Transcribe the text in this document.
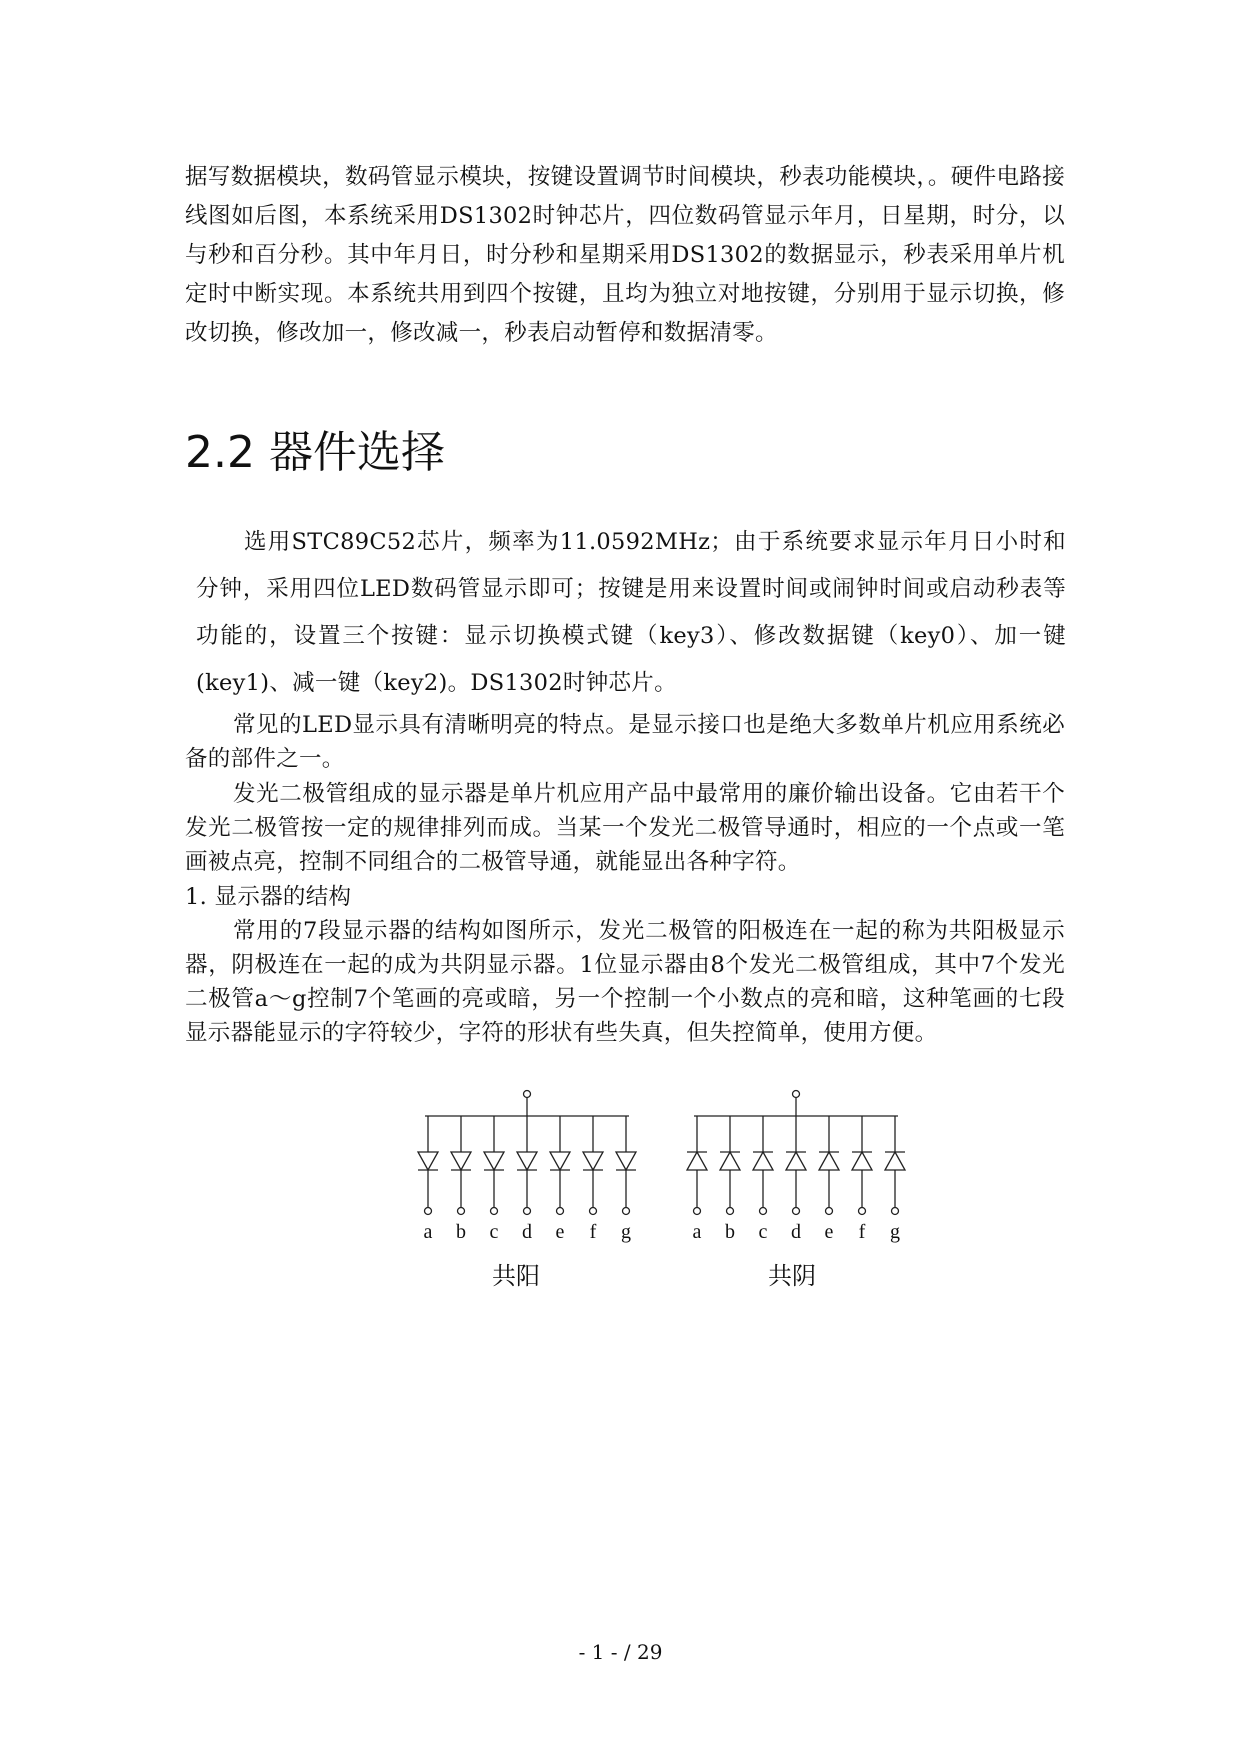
据写数据模块，数码管显示模块，按键设置调节时间模块，秒表功能模块，。硬件电路接线图如后图，本系统采用DS1302时钟芯片，四位数码管显示年月，日星期，时分，以与秒和百分秒。其中年月日，时分秒和星期采用DS1302的数据显示，秒表采用单片机定时中断实现。本系统共用到四个按键，且均为独立对地按键，分别用于显示切换，修改切换，修改加一，修改减一，秒表启动暂停和数据清零。
2.2 器件选择
选用STC89C52芯片，频率为11.0592MHz；由于系统要求显示年月日小时和分钟，采用四位LED数码管显示即可；按键是用来设置时间或闹钟时间或启动秒表等功能的，设置三个按键：显示切换模式键（key3）、修改数据键（key0）、加一键(key1)、减一键（key2)。DS1302时钟芯片。
常见的LED显示具有清晰明亮的特点。是显示接口也是绝大多数单片机应用系统必备的部件之一。
发光二极管组成的显示器是单片机应用产品中最常用的廉价输出设备。它由若干个发光二极管按一定的规律排列而成。当某一个发光二极管导通时，相应的一个点或一笔画被点亮，控制不同组合的二极管导通，就能显出各种字符。
1. 显示器的结构
常用的7段显示器的结构如图所示，发光二极管的阳极连在一起的称为共阳极显示器，阴极连在一起的成为共阴显示器。1位显示器由8个发光二极管组成，其中7个发光二极管a～g控制7个笔画的亮或暗，另一个控制一个小数点的亮和暗，这种笔画的七段显示器能显示的字符较少，字符的形状有些失真，但失控简单，使用方便。
a b c d e f g	a b c d e f g
共阳	共阴
- 1 - / 29
